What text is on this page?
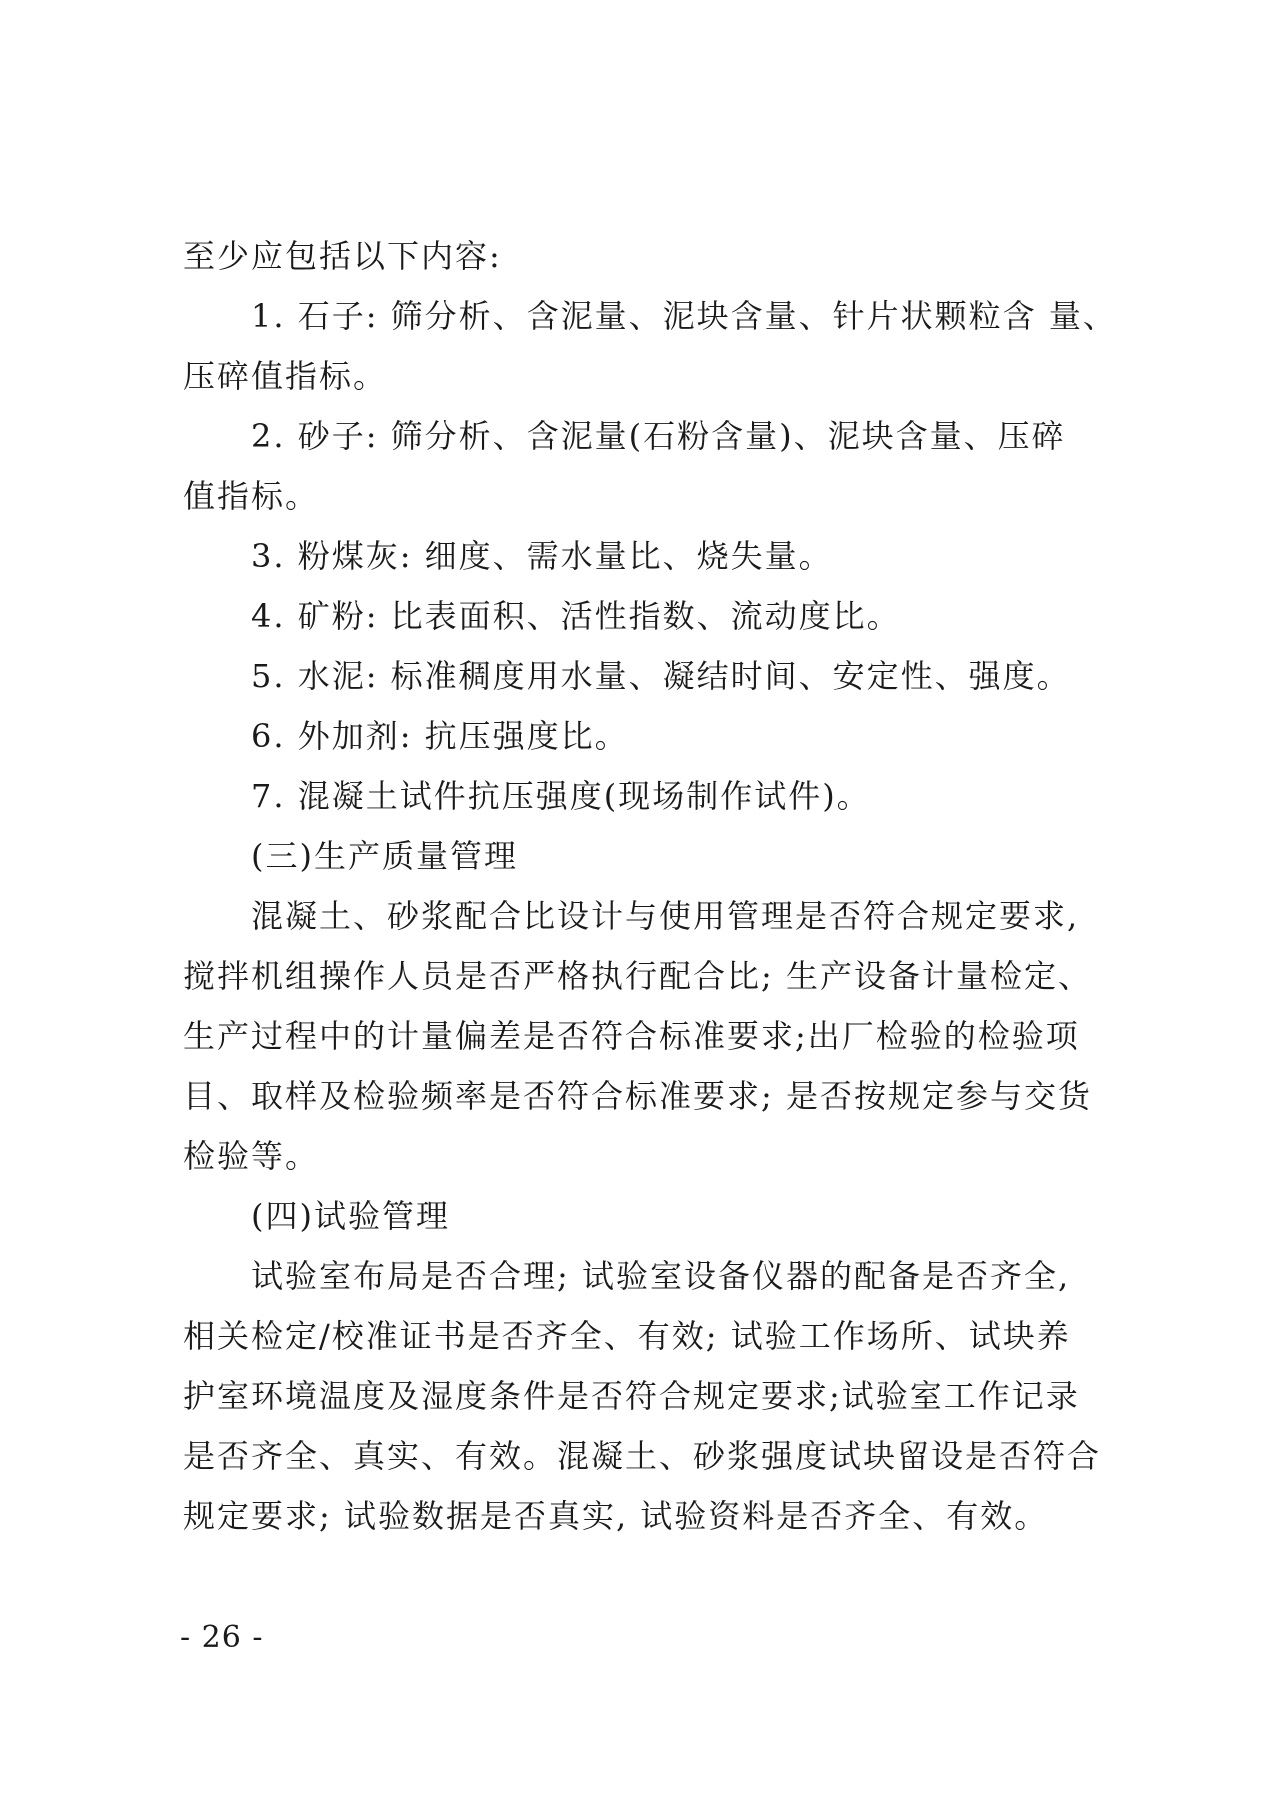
至少应包括以下内容:
1. 石子: 筛分析、含泥量、泥块含量、针片状颗粒含 量、
压碎值指标。
2. 砂子: 筛分析、含泥量(石粉含量)、泥块含量、压碎
值指标。
3. 粉煤灰: 细度、需水量比、烧失量。
4. 矿粉: 比表面积、活性指数、流动度比。
5. 水泥: 标准稠度用水量、凝结时间、安定性、强度。
6. 外加剂: 抗压强度比。
7. 混凝土试件抗压强度(现场制作试件)。
(三)生产质量管理
混凝土、砂浆配合比设计与使用管理是否符合规定要求,
搅拌机组操作人员是否严格执行配合比; 生产设备计量检定、
生产过程中的计量偏差是否符合标准要求;出厂检验的检验项
目、取样及检验频率是否符合标准要求; 是否按规定参与交货
检验等。
(四)试验管理
试验室布局是否合理; 试验室设备仪器的配备是否齐全,
相关检定/校准证书是否齐全、有效; 试验工作场所、试块养
护室环境温度及湿度条件是否符合规定要求;试验室工作记录
是否齐全、真实、有效。混凝土、砂浆强度试块留设是否符合
规定要求; 试验数据是否真实, 试验资料是否齐全、有效。
- 26 -
